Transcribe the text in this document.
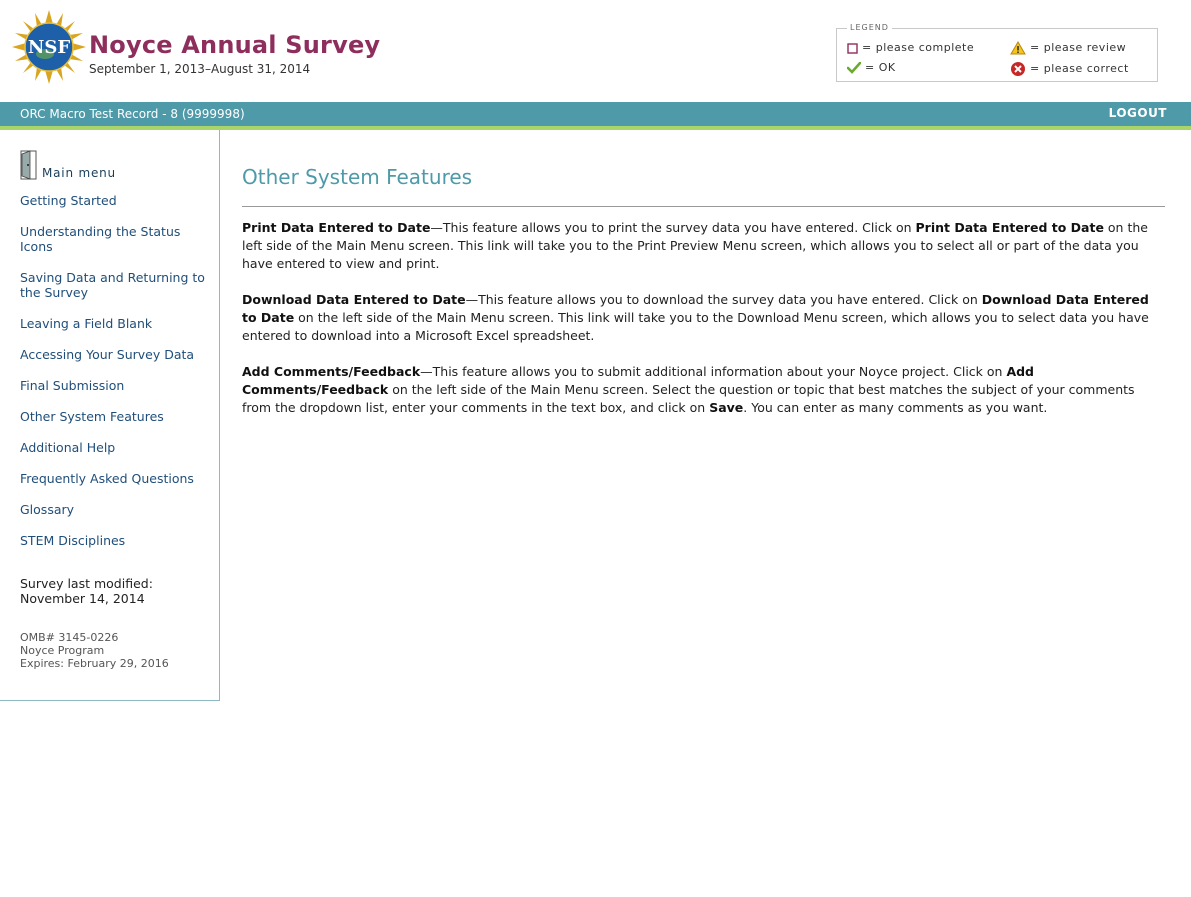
NSF Noyce Annual Survey
September 1, 2013–August 31, 2014
LEGEND
= please complete	= please review
= OK	= please correct
ORC Macro Test Record - 8 (9999998)	LOGOUT
Main menu
Getting Started
Understanding the Status Icons
Saving Data and Returning to the Survey
Leaving a Field Blank
Accessing Your Survey Data
Final Submission
Other System Features
Additional Help
Frequently Asked Questions
Glossary
STEM Disciplines
Survey last modified:
November 14, 2014
OMB# 3145-0226
Noyce Program
Expires: February 29, 2016
Other System Features

Print Data Entered to Date—This feature allows you to print the survey data you have entered. Click on Print Data Entered to Date on the left side of the Main Menu screen. This link will take you to the Print Preview Menu screen, which allows you to select all or part of the data you have entered to view and print.

Download Data Entered to Date—This feature allows you to download the survey data you have entered. Click on Download Data Entered to Date on the left side of the Main Menu screen. This link will take you to the Download Menu screen, which allows you to select data you have entered to download into a Microsoft Excel spreadsheet.

Add Comments/Feedback—This feature allows you to submit additional information about your Noyce project. Click on Add Comments/Feedback on the left side of the Main Menu screen. Select the question or topic that best matches the subject of your comments from the dropdown list, enter your comments in the text box, and click on Save. You can enter as many comments as you want.
